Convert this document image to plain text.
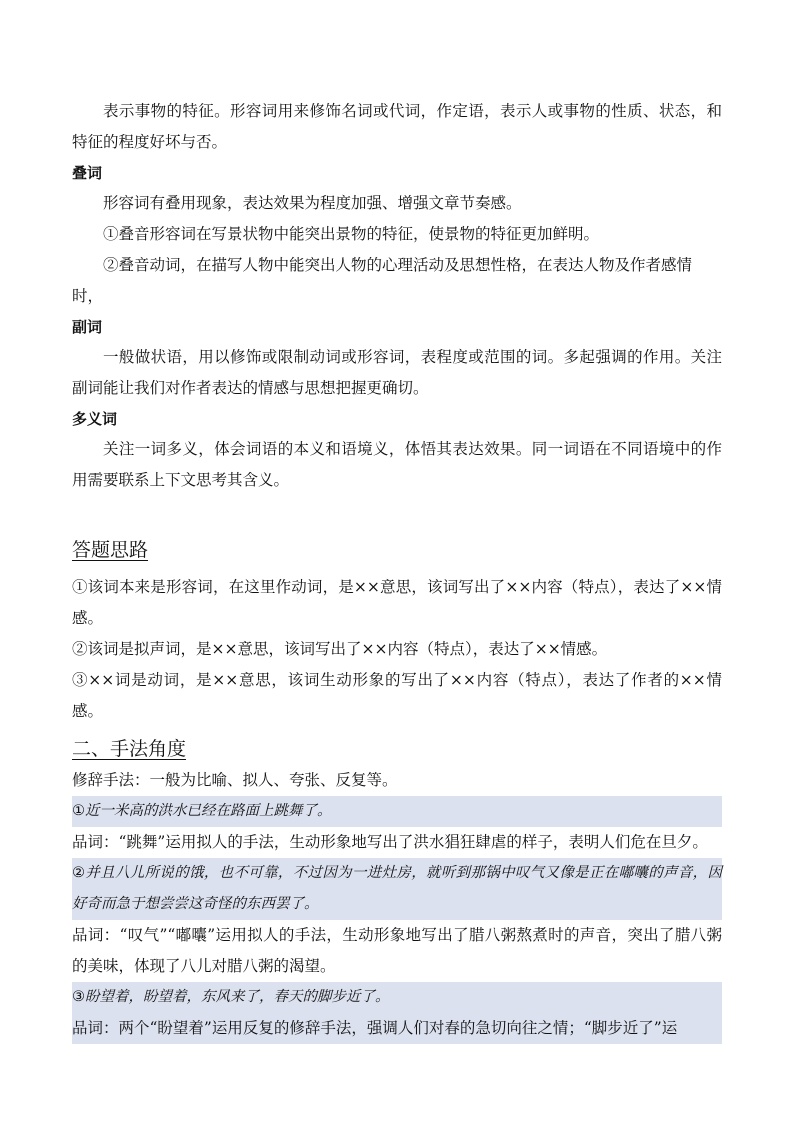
表示事物的特征。形容词用来修饰名词或代词，作定语，表示人或事物的性质、状态，和特征的程度好坏与否。

叠词

形容词有叠用现象，表达效果为程度加强、增强文章节奏感。

①叠音形容词在写景状物中能突出景物的特征，使景物的特征更加鲜明。

②叠音动词，在描写人物中能突出人物的心理活动及思想性格，在表达人物及作者感情时，

副词

一般做状语，用以修饰或限制动词或形容词，表程度或范围的词。多起强调的作用。关注副词能让我们对作者表达的情感与思想把握更确切。

多义词

关注一词多义，体会词语的本义和语境义，体悟其表达效果。同一词语在不同语境中的作用需要联系上下文思考其含义。

答题思路

①该词本来是形容词，在这里作动词，是××意思，该词写出了××内容（特点），表达了××情感。

②该词是拟声词，是××意思，该词写出了××内容（特点），表达了××情感。

③××词是动词，是××意思，该词生动形象的写出了××内容（特点），表达了作者的××情感。

二、手法角度

修辞手法：一般为比喻、拟人、夸张、反复等。

①近一米高的洪水已经在路面上跳舞了。

品词：“跳舞”运用拟人的手法，生动形象地写出了洪水猖狂肆虐的样子，表明人们危在旦夕。

②并且八儿所说的饿，也不可靠，不过因为一进灶房，就听到那锅中叹气又像是正在嘟囔的声音，因好奇而急于想尝尝这奇怪的东西罢了。

品词：“叹气”“嘟囔”运用拟人的手法，生动形象地写出了腊八粥熬煮时的声音，突出了腊八粥的美味，体现了八儿对腊八粥的渴望。

③盼望着，盼望着，东风来了，春天的脚步近了。

品词：两个“盼望着”运用反复的修辞手法，强调人们对春的急切向往之情；“脚步近了”运
